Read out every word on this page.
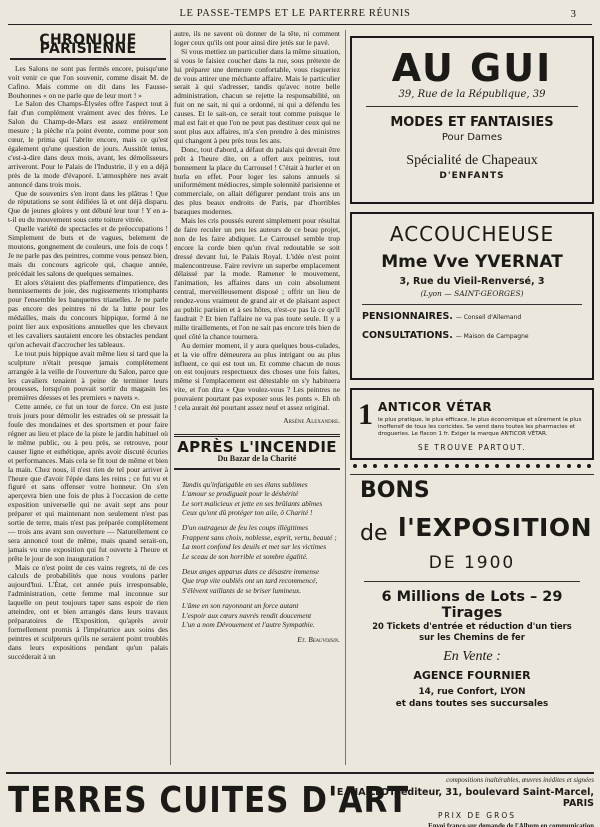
LE PASSE-TEMPS ET LE PARTERRE RÉUNIS	3
CHRONIQUE PARISIENNE

Les Salons ne sont pas fermés encore, puisqu'une voit venir ce que l'on souvenir, comme disait M. de Cafino. Mais comme on dit dans les Fausse-Bouhonnes « on ne parle que de leur mort ! »

Le Salon des Champs-Élysées offre l'aspect tout à fait d'un complément vraiment avec des frères. Le Salon du Champ-de-Mars est assez entièrement mesure ; la pièche n'a point évente, comme pour son cœur, le prima qui l'abrite encore, mais ce qu'est également qu'une question de jours. Aussitôt tenus, c'est-à-dire dans deux mois, avant, les démolisseurs arriveront. Pour le Palais de l'Industrie, il y en a déjà près de la mode d'évaporé. L'atmosphère nes avait annoncé dans trois mois.

Que de souvenirs s'en iront dans les plâtras ! Que de réputations se sont édifiées là et ont déjà disparu. Que de jeunes gloires y ont débuté leur tour ! Y en a-t-il eu du mouvement sous cette toiture vitrée.

Quelle variété de spectacles et de préoccupations ! Simplement de buts et de vagues, belement de moutons, gongnement de couleurs, une fois de coqs ! Je ne parle pas des peintres, comme vous pensez bien, mais du concours agricole qui, chaque année, précédait les salons de quelques semaines.

Et alors s'étaient des piaffements d'impatience, des hennissements de joie, des rugissements triomphants pour l'ensemble les banquettes trianelles. Je ne parle pas encore des peintres ni de la lutte pour les médailles, mais du concours hippique, formé à ne point lier aux expositions annuelles que les chevaux et les cavaliers sautaient encore les obstacles pendant qu'on achevait d'accrocher les tableaux.

Le tout puis hippique avait même lieu si tard que la sculpture n'était presque jamais complètement arrangée à la veille de l'ouverture du Salon, parce que les cavaliers tenaient à peine de terminer leurs prouesses, lorsqu'on pouvait sortir du magasin les premières déesses et les premiers « navets ».

Cette année, ce fut un tour de force. On est juste trois jours pour démolir les estrades où se pressait la foule des mondaines et des sportsmen et pour faire régner au lieu et place de la piste le jardin habituel où le même public, ou à peu près, se retrouve, pour causer ligne et esthétique, après avoir discuté écuries et performances. Mais cela se fit tout de même et bien la main. Chez nous, il n'est rien de tel pour arriver à l'heure que d'avoir l'épée dans les reins ; ce fut vu et figuré et sans offenser votre honneur. On s'en aperçevra bien une fois de plus à l'occasion de cette exposition universelle qui ne avait sept ans pour préparer et qui maintenant non seulement n'est pas sortie de terre, mais n'est pas préparée complètement — trois ans avant son ouverture — Naturellement ce sera annoncé tout de même, mais quand serait-on, jamais vu une exposition qui fut ouverte à l'heure et prête le jour de son inauguration ?

Mais ce n'est point de ces vains regrets, ni de ces calculs de probabilités que nous voulons parler aujourd'hui. L'État, cet année puis irresponsable, l'administration, cette femme mal inconnue sur laquelle on peut toujours taper sans espoir de rien atteindre, ont et bien arrangés dans leurs travaux préparatoires de l'Exposition, qu'après avoir formellement promis à l'impératrice aux soins des peintres et sculpteurs qu'ils ne seraient point troublés dans leurs expositions pendant qu'un palais succéderait à un

autre, ils ne savent où donner de la tête, ni comment loger ceux qu'ils ont pour ainsi dire jetés sur le pavé.

Si vous mettiez un particulier dans la même situation, si vous le faisiez coucher dans la rue, sous prétexte de lui préparer une demeure confortable, vous risqueriez de vous attirer une méchante affaire. Mais le particulier serait à qui s'adresser, tandis qu'avec notre belle administration, chacun se rejette la responsabilité, on fuit on ne sait, ni qui a ordonné, ni qui a défendu les causes. Et le sait-on, ce serait tout comme puisque le mal est fait et que l'on ne peut pas destituer ceux qui ne sont plus aux affaires, m'a s'en prendre à des ministres qui changent à peu près tous les ans.

Donc, tout d'abord, a défaut du palais qui devrait être prêt à l'heure dite, on a offert aux peintres, tout bonnement la place du Carrousel ! C'était à hurler et on hurla en effet. Pour loger les salons annuels si uniformément médiocres, simple solennité parisienne et commerciale, on allait défigurer pendant trois ans un des plus beaux endroits de Paris, par d'horribles baraques modernes.

Mais les cris poussés eurent simplement pour résultat de faire reculer un peu les auteurs de ce beau projet, non de les faire abdiquer. Le Carrousel semble trop encore la corde bien qu'un rival redoutable se soit dressé devant lui, le Palais Royal. L'idée n'est point malencontreuse. Faire revivre un superbe emplacement délaissé par la mode. Ramener le mouvement, l'animation, les affaires dans un coin absolument central, merveilleusement disposé ; offrir un lieu de rendez-vous vraiment de grand air et de plaisant aspect au public parisien et à ses hôtes, n'est-ce pas là ce qu'il faudrait ? Et bien l'affaire ne va pas toute seule. Il y a mille tiraillements, et l'on ne sait pas encore très bien de quel côté la chance tournera.

Au dernier moment, il y aura quelques bous-culades, et la vie offre démeurera au plus intrigant ou au plus influent, ce qui est tout un. Et comme chacun de nous on est toujours respectueux des choses une fois faites, même si l'emplacement est détestable on s'y habituera vite, et l'on dira « Que voulez-vous ? Les peintres ne pouvaient pourtant pas exposer sous les ponts ». Eh oh ! cela aurait été pourtant assez neuf et assez original.

Arsène Alexandre.
APRÈS L'INCENDIE
Du Bazar de la Charité
Tandis qu'infatigable en ses élans sublimes
L'amour se prodiguait pour le déshérité
Le sort malicieux et jette en ses brûlants abîmes
Ceux qu'ont dû protéger ton aile, ô Charité !
D'un outrageux de feu les coups illégitimes
Frappent sans choix, noblesse, esprit, vertu, beauté ;
La mort confond les deuils et met sur les victimes
Le sceau de son horrible et sombre égalité.
Deux anges apparus dans ce désastre immense
Que trop vite oubliés ont un tard recommencé,
S'élèvent vaillants de se briser lumineux.
L'âme en son rayonnant un force autant
L'espoir aux cœurs navrés rendit doucement
L'un a nom Dévouement et l'autre Sympathie.
Et. Beauvoisin.
AU GUI
39, Rue de la République, 39
MODES ET FANTAISIES
Pour Dames
Spécialité de Chapeaux
D'ENFANTS
ACCOUCHEUSE
Mme Vve YVERNAT
3, Rue du Vieil-Renversé, 3
(Lyon — SAINT-GEORGES)
PENSIONNAIRES. — Conseil d'Allemand
CONSULTATIONS. — Maison de Campagne
1 ANTICOR VÉTAR
le plus pratique, le plus efficace, le plus économique et sûrement le plus inoffensif de tous les coricides. Se vend dans toutes les pharmacies et drogueries. Le flacon 1 fr. Exiger la marque ANTICOR VÉTAR.
SE TROUVE PARTOUT.
BONS
de l'EXPOSITION
DE 1900
6 Millions de Lots – 29 Tirages
20 Tickets d'entrée et réduction d'un tiers
sur les Chemins de fer
En Vente :
AGENCE FOURNIER
14, rue Confort, LYON
et dans toutes ses succursales
TERRES CUITES D'ART	compositions inaltérables, œuvres inédites et signées
E. HAILLOT, éditeur, 31, boulevard Saint-Marcel, PARIS
PRIX DE GROS
Envoi franco sur demande de l'Album en communication
